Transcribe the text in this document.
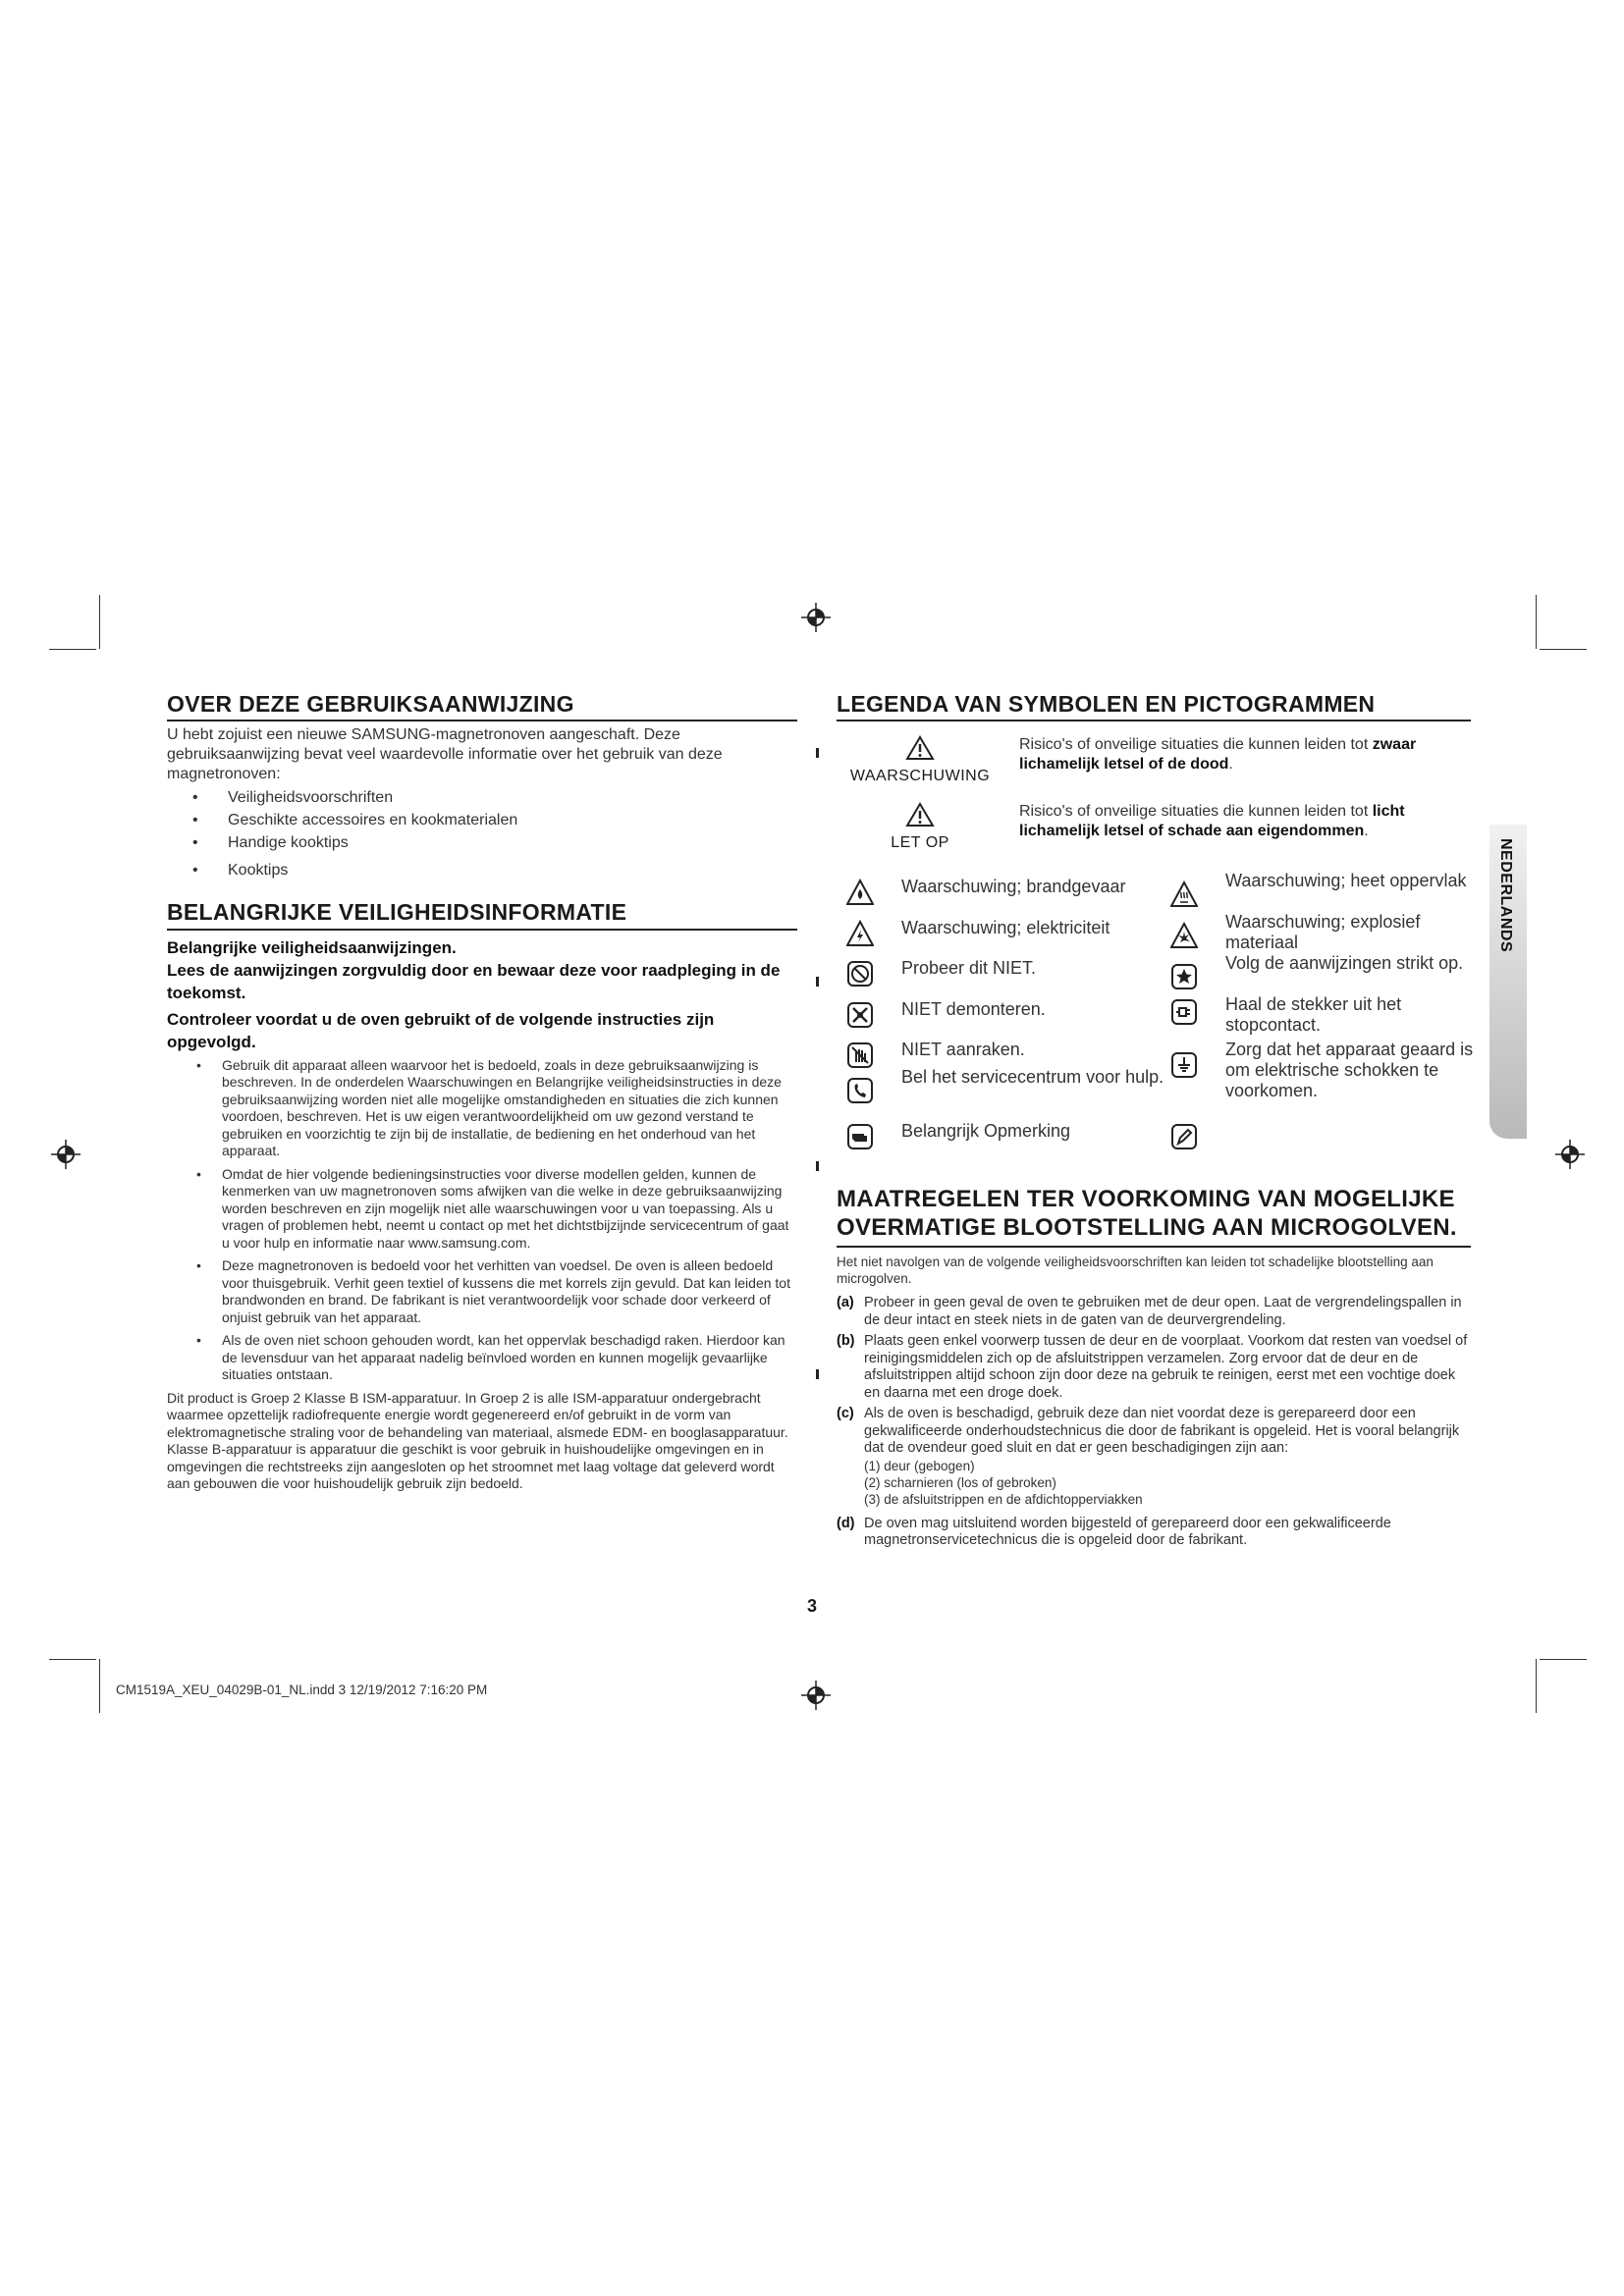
OVER DEZE GEBRUIKSAANWIJZING

U hebt zojuist een nieuwe SAMSUNG-magnetronoven aangeschaft. Deze gebruiksaanwijzing bevat veel waardevolle informatie over het gebruik van deze magnetronoven:

• Veiligheidsvoorschriften
• Geschikte accessoires en kookmaterialen
• Handige kooktips
• Kooktips
BELANGRIJKE VEILIGHEIDSINFORMATIE

Belangrijke veiligheidsaanwijzingen.

Lees de aanwijzingen zorgvuldig door en bewaar deze voor raadpleging in de toekomst.

Controleer voordat u de oven gebruikt of de volgende instructies zijn opgevolgd.

• Gebruik dit apparaat alleen waarvoor het is bedoeld, zoals in deze gebruiksaanwijzing is beschreven. In de onderdelen Waarschuwingen en Belangrijke veiligheidsinstructies in deze gebruiksaanwijzing worden niet alle mogelijke omstandigheden en situaties die zich kunnen voordoen, beschreven. Het is uw eigen verantwoordelijkheid om uw gezond verstand te gebruiken en voorzichtig te zijn bij de installatie, de bediening en het onderhoud van het apparaat.
• Omdat de hier volgende bedieningsinstructies voor diverse modellen gelden, kunnen de kenmerken van uw magnetronoven soms afwijken van die welke in deze gebruiksaanwijzing worden beschreven en zijn mogelijk niet alle waarschuwingen voor u van toepassing. Als u vragen of problemen hebt, neemt u contact op met het dichtstbijzijnde servicecentrum of gaat u voor hulp en informatie naar www.samsung.com.
• Deze magnetronoven is bedoeld voor het verhitten van voedsel. De oven is alleen bedoeld voor thuisgebruik. Verhit geen textiel of kussens die met korrels zijn gevuld. Dat kan leiden tot brandwonden en brand. De fabrikant is niet verantwoordelijk voor schade door verkeerd of onjuist gebruik van het apparaat.
• Als de oven niet schoon gehouden wordt, kan het oppervlak beschadigd raken. Hierdoor kan de levensduur van het apparaat nadelig beïnvloed worden en kunnen mogelijk gevaarlijke situaties ontstaan.

Dit product is Groep 2 Klasse B ISM-apparatuur. In Groep 2 is alle ISM-apparatuur ondergebracht waarmee opzettelijk radiofrequente energie wordt gegenereerd en/of gebruikt in de vorm van elektromagnetische straling voor de behandeling van materiaal, alsmede EDM- en booglasapparatuur.

Klasse B-apparatuur is apparatuur die geschikt is voor gebruik in huishoudelijke omgevingen en in omgevingen die rechtstreeks zijn aangesloten op het stroomnet met laag voltage dat geleverd wordt aan gebouwen die voor huishoudelijk gebruik zijn bedoeld.

LEGENDA VAN SYMBOLEN EN PICTOGRAMMEN
WAARSCHUWING
Risico's of onveilige situaties die kunnen leiden tot zwaar lichamelijk letsel of de dood.
LET OP
Risico's of onveilige situaties die kunnen leiden tot licht lichamelijk letsel of schade aan eigendommen.
Waarschuwing; brandgevaar
Waarschuwing; elektriciteit
Probeer dit NIET.
NIET demonteren.
NIET aanraken.
Bel het servicecentrum voor hulp.
Belangrijk Opmerking
Waarschuwing; heet oppervlak
Waarschuwing; explosief materiaal
Volg de aanwijzingen strikt op.
Haal de stekker uit het stopcontact.
Zorg dat het apparaat geaard is om elektrische schokken te voorkomen.
MAATREGELEN TER VOORKOMING VAN MOGELIJKE OVERMATIGE BLOOTSTELLING AAN MICROGOLVEN.

Het niet navolgen van de volgende veiligheidsvoorschriften kan leiden tot schadelijke blootstelling aan microgolven.

(a) Probeer in geen geval de oven te gebruiken met de deur open. Laat de vergrendelingspallen in de deur intact en steek niets in de gaten van de deurvergrendeling.
(b) Plaats geen enkel voorwerp tussen de deur en de voorplaat. Voorkom dat resten van voedsel of reinigingsmiddelen zich op de afsluitstrippen verzamelen. Zorg ervoor dat de deur en de afsluitstrippen altijd schoon zijn door deze na gebruik te reinigen, eerst met een vochtige doek en daarna met een droge doek.
(c) Als de oven is beschadigd, gebruik deze dan niet voordat deze is gerepareerd door een gekwalificeerde onderhoudstechnicus die door de fabrikant is opgeleid. Het is vooral belangrijk dat de ovendeur goed sluit en dat er geen beschadigingen zijn aan:
(1) deur (gebogen)
(2) scharnieren (los of gebroken)
(3) de afsluitstrippen en de afdichtopperviakken
(d) De oven mag uitsluitend worden bijgesteld of gerepareerd door een gekwalificeerde magnetronservicetechnicus die is opgeleid door de fabrikant.
NEDERLANDS
3
CM1519A_XEU_04029B-01_NL.indd 3 12/19/2012 7:16:20 PM
